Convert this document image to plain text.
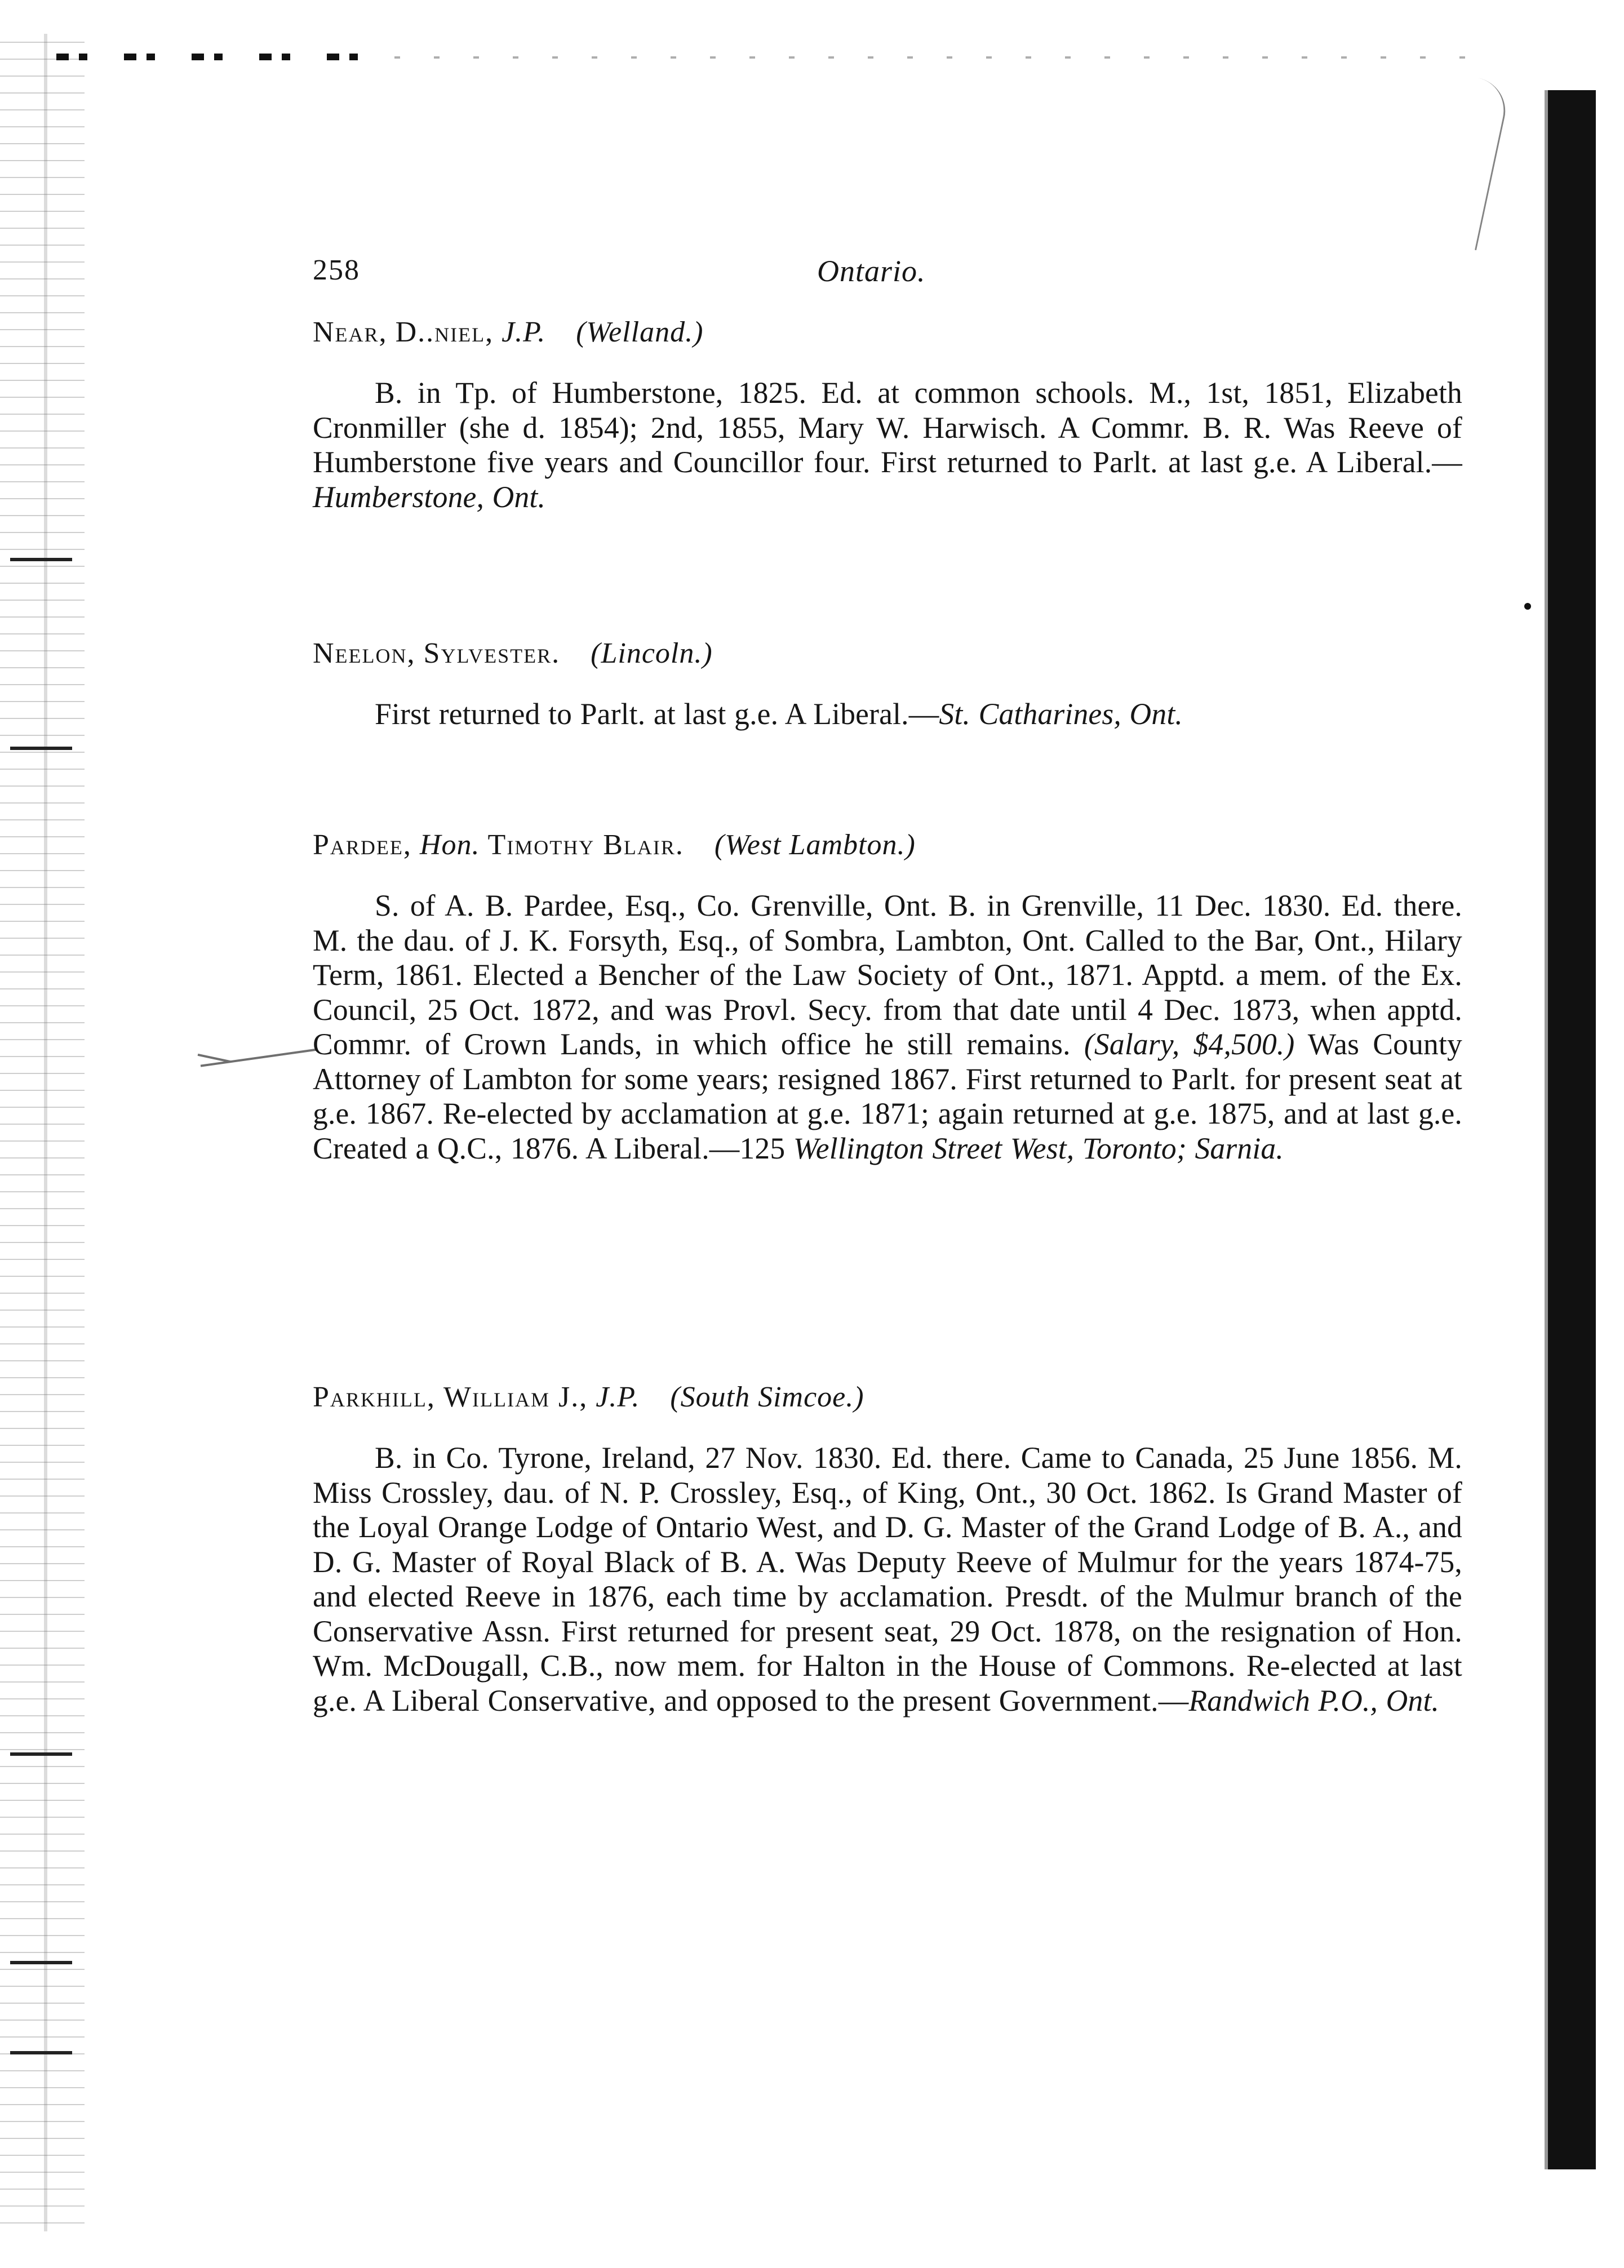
258	Ontario.
Near, D..niel, J.P. (Welland.)

B. in Tp. of Humberstone, 1825. Ed. at common schools. M., 1st, 1851, Elizabeth Cronmiller (she d. 1854); 2nd, 1855, Mary W. Harwisch. A Commr. B. R. Was Reeve of Humberstone five years and Councillor four. First returned to Parlt. at last g.e. A Liberal.—Humberstone, Ont.

Neelon, Sylvester. (Lincoln.)

First returned to Parlt. at last g.e. A Liberal.—St. Catharines, Ont.

Pardee, Hon. Timothy Blair. (West Lambton.)

S. of A. B. Pardee, Esq., Co. Grenville, Ont. B. in Grenville, 11 Dec. 1830. Ed. there. M. the dau. of J. K. Forsyth, Esq., of Sombra, Lambton, Ont. Called to the Bar, Ont., Hilary Term, 1861. Elected a Bencher of the Law Society of Ont., 1871. Apptd. a mem. of the Ex. Council, 25 Oct. 1872, and was Provl. Secy. from that date until 4 Dec. 1873, when apptd. Commr. of Crown Lands, in which office he still remains. (Salary, $4,500.) Was County Attorney of Lambton for some years; resigned 1867. First returned to Parlt. for present seat at g.e. 1867. Re-elected by acclamation at g.e. 1871; again returned at g.e. 1875, and at last g.e. Created a Q.C., 1876. A Liberal.—125 Wellington Street West, Toronto; Sarnia.

Parkhill, William J., J.P. (South Simcoe.)

B. in Co. Tyrone, Ireland, 27 Nov. 1830. Ed. there. Came to Canada, 25 June 1856. M. Miss Crossley, dau. of N. P. Crossley, Esq., of King, Ont., 30 Oct. 1862. Is Grand Master of the Loyal Orange Lodge of Ontario West, and D. G. Master of the Grand Lodge of B. A., and D. G. Master of Royal Black of B. A. Was Deputy Reeve of Mulmur for the years 1874-75, and elected Reeve in 1876, each time by acclamation. Presdt. of the Mulmur branch of the Conservative Assn. First returned for present seat, 29 Oct. 1878, on the resignation of Hon. Wm. McDougall, C.B., now mem. for Halton in the House of Commons. Re-elected at last g.e. A Liberal Conservative, and opposed to the present Government.—Randwich P.O., Ont.
